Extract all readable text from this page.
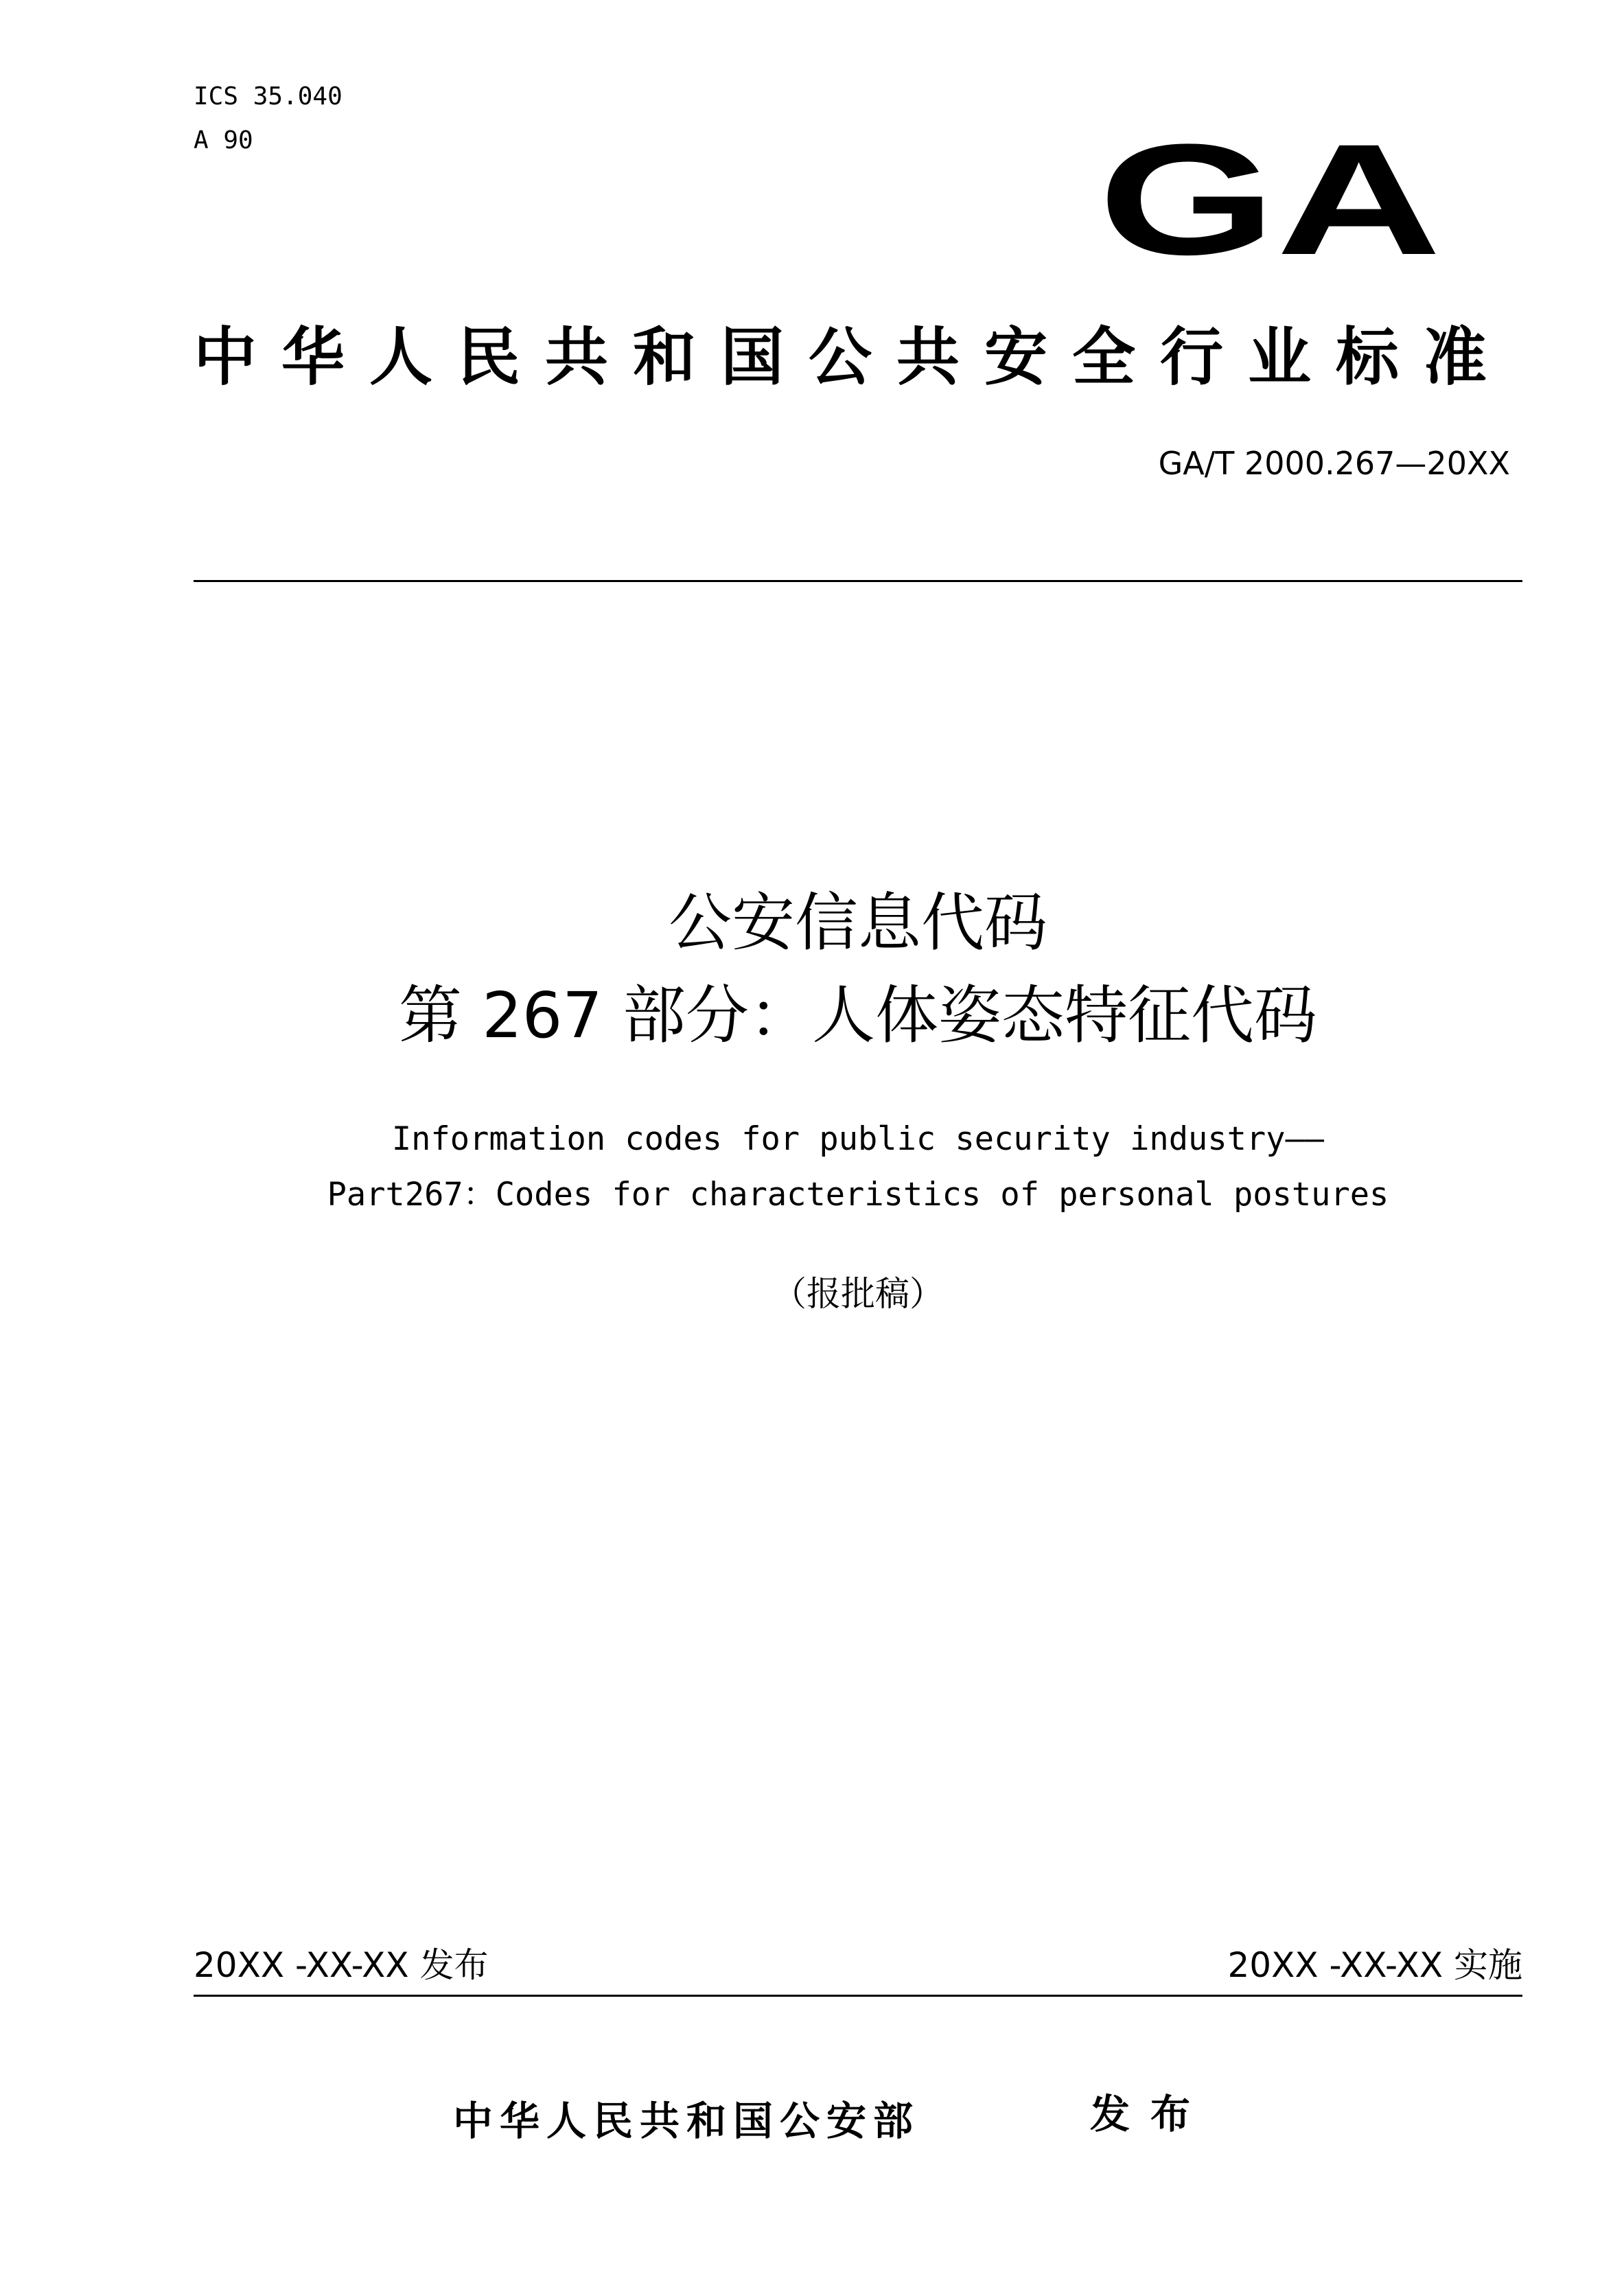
ICS 35.040
A 90	GA
中华人民共和国公共安全行业标准
GA/T 2000.267—20XX
公安信息代码
第 267 部分：人体姿态特征代码
Information codes for public security industry——
Part267：Codes for characteristics of personal postures
（报批稿）
20XX -XX-XX 发布	20XX -XX-XX 实施
中华人民共和国公安部	发布
